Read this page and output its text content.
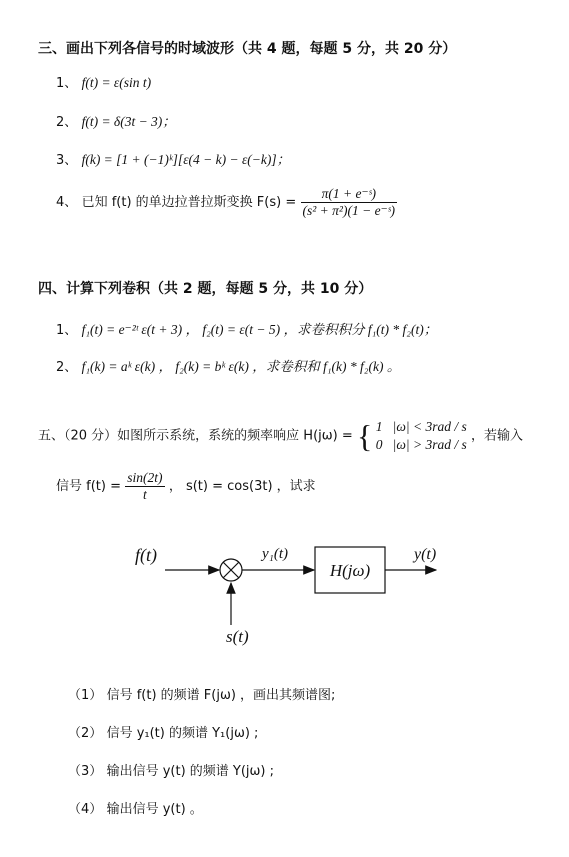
三、画出下列各信号的时域波形（共 4 题，每题 5 分，共 20 分）
1、 f(t) = ε(sin t)
2、 f(t) = δ(3t − 3)；
3、 f(k) = [1 + (−1)ᵏ][ε(4 − k) − ε(−k)]；
4、 已知 f(t) 的单边拉普拉斯变换 $F(s) = \frac{\text{π(1 + e⁻ˢ)}}{\text{(s² + π²)(1 − e⁻ˢ)}}$
四、计算下列卷积（共 2 题，每题 5 分，共 10 分）
1、 f₁(t) = e⁻²ᵗ ε(t + 3) ， f₂(t) = ε(t − 5) ，求卷积积分 f₁(t) * f₂(t)；
2、 f₁(k) = aᵏ ε(k) ， f₂(k) = bᵏ ε(k) ，求卷积和 f₁(k) * f₂(k) 。
五、（20 分）如图所示系统，系统的频率响应 H(jω) = { 1 |ω| < 3rad / s
0 |ω| > 3rad / s
，若输入
信号 $f(t) = \frac{\sin(2t)}{t}$ ， s(t) = cos(3t) ，试求
f(t)	y₁(t)
H(jω)
y(t)
s(t)
（1） 信号 f(t) 的频谱 F(jω) ，画出其频谱图;
（2） 信号 y₁(t) 的频谱 Y₁(jω) ;
（3） 输出信号 y(t) 的频谱 Y(jω) ;
（4） 输出信号 y(t) 。
